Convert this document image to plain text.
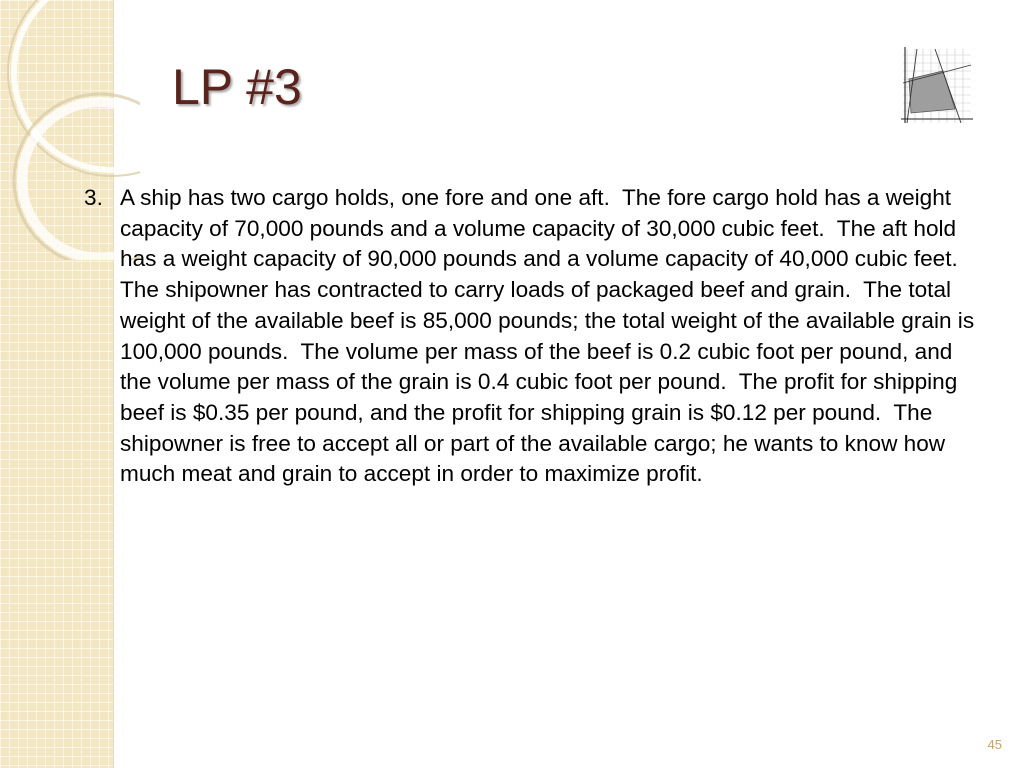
LP #3
3. A ship has two cargo holds, one fore and one aft.  The fore cargo hold has a weight capacity of 70,000 pounds and a volume capacity of 30,000 cubic feet.  The aft hold has a weight capacity of 90,000 pounds and a volume capacity of 40,000 cubic feet.  The shipowner has contracted to carry loads of packaged beef and grain.  The total weight of the available beef is 85,000 pounds; the total weight of the available grain is 100,000 pounds.  The volume per mass of the beef is 0.2 cubic foot per pound, and the volume per mass of the grain is 0.4 cubic foot per pound.  The profit for shipping beef is $0.35 per pound, and the profit for shipping grain is $0.12 per pound.  The shipowner is free to accept all or part of the available cargo; he wants to know how much meat and grain to accept in order to maximize profit.
45
